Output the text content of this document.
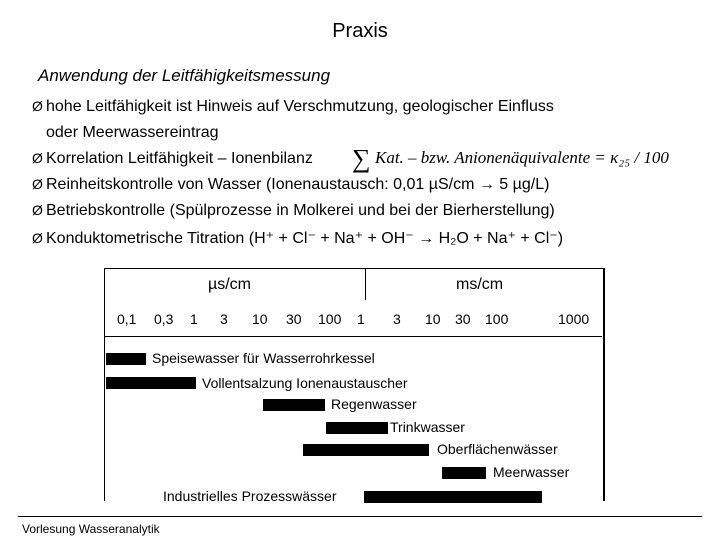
Praxis
Anwendung der Leitfähigkeitsmessung
Ø hohe Leitfähigkeit ist Hinweis auf Verschmutzung, geologischer Einfluss
oder Meerwassereintrag
Ø Korrelation Leitfähigkeit – Ionenbilanz ∑ Kat. – bzw. Anionenäquivalente = κ₂₅ / 100
Ø Reinheitskontrolle von Wasser (Ionenaustausch: 0,01 µS/cm → 5 µg/L)
Ø Betriebskontrolle (Spülprozesse in Molkerei und bei der Bierherstellung)
Ø Konduktometrische Titration (H⁺ + Cl⁻ + Na⁺ + OH⁻ → H₂O + Na⁺ + Cl⁻)
µs/cm	ms/cm
0,1 0,3 1 3 10 30 100 1 3 10 30 100	1000
Speisewasser für Wasserrohrkessel
Vollentsalzung Ionenaustauscher
Regenwasser
Trinkwasser
Oberflächenwässer
Meerwasser
Industrielles Prozesswässer
Vorlesung Wasseranalytik
